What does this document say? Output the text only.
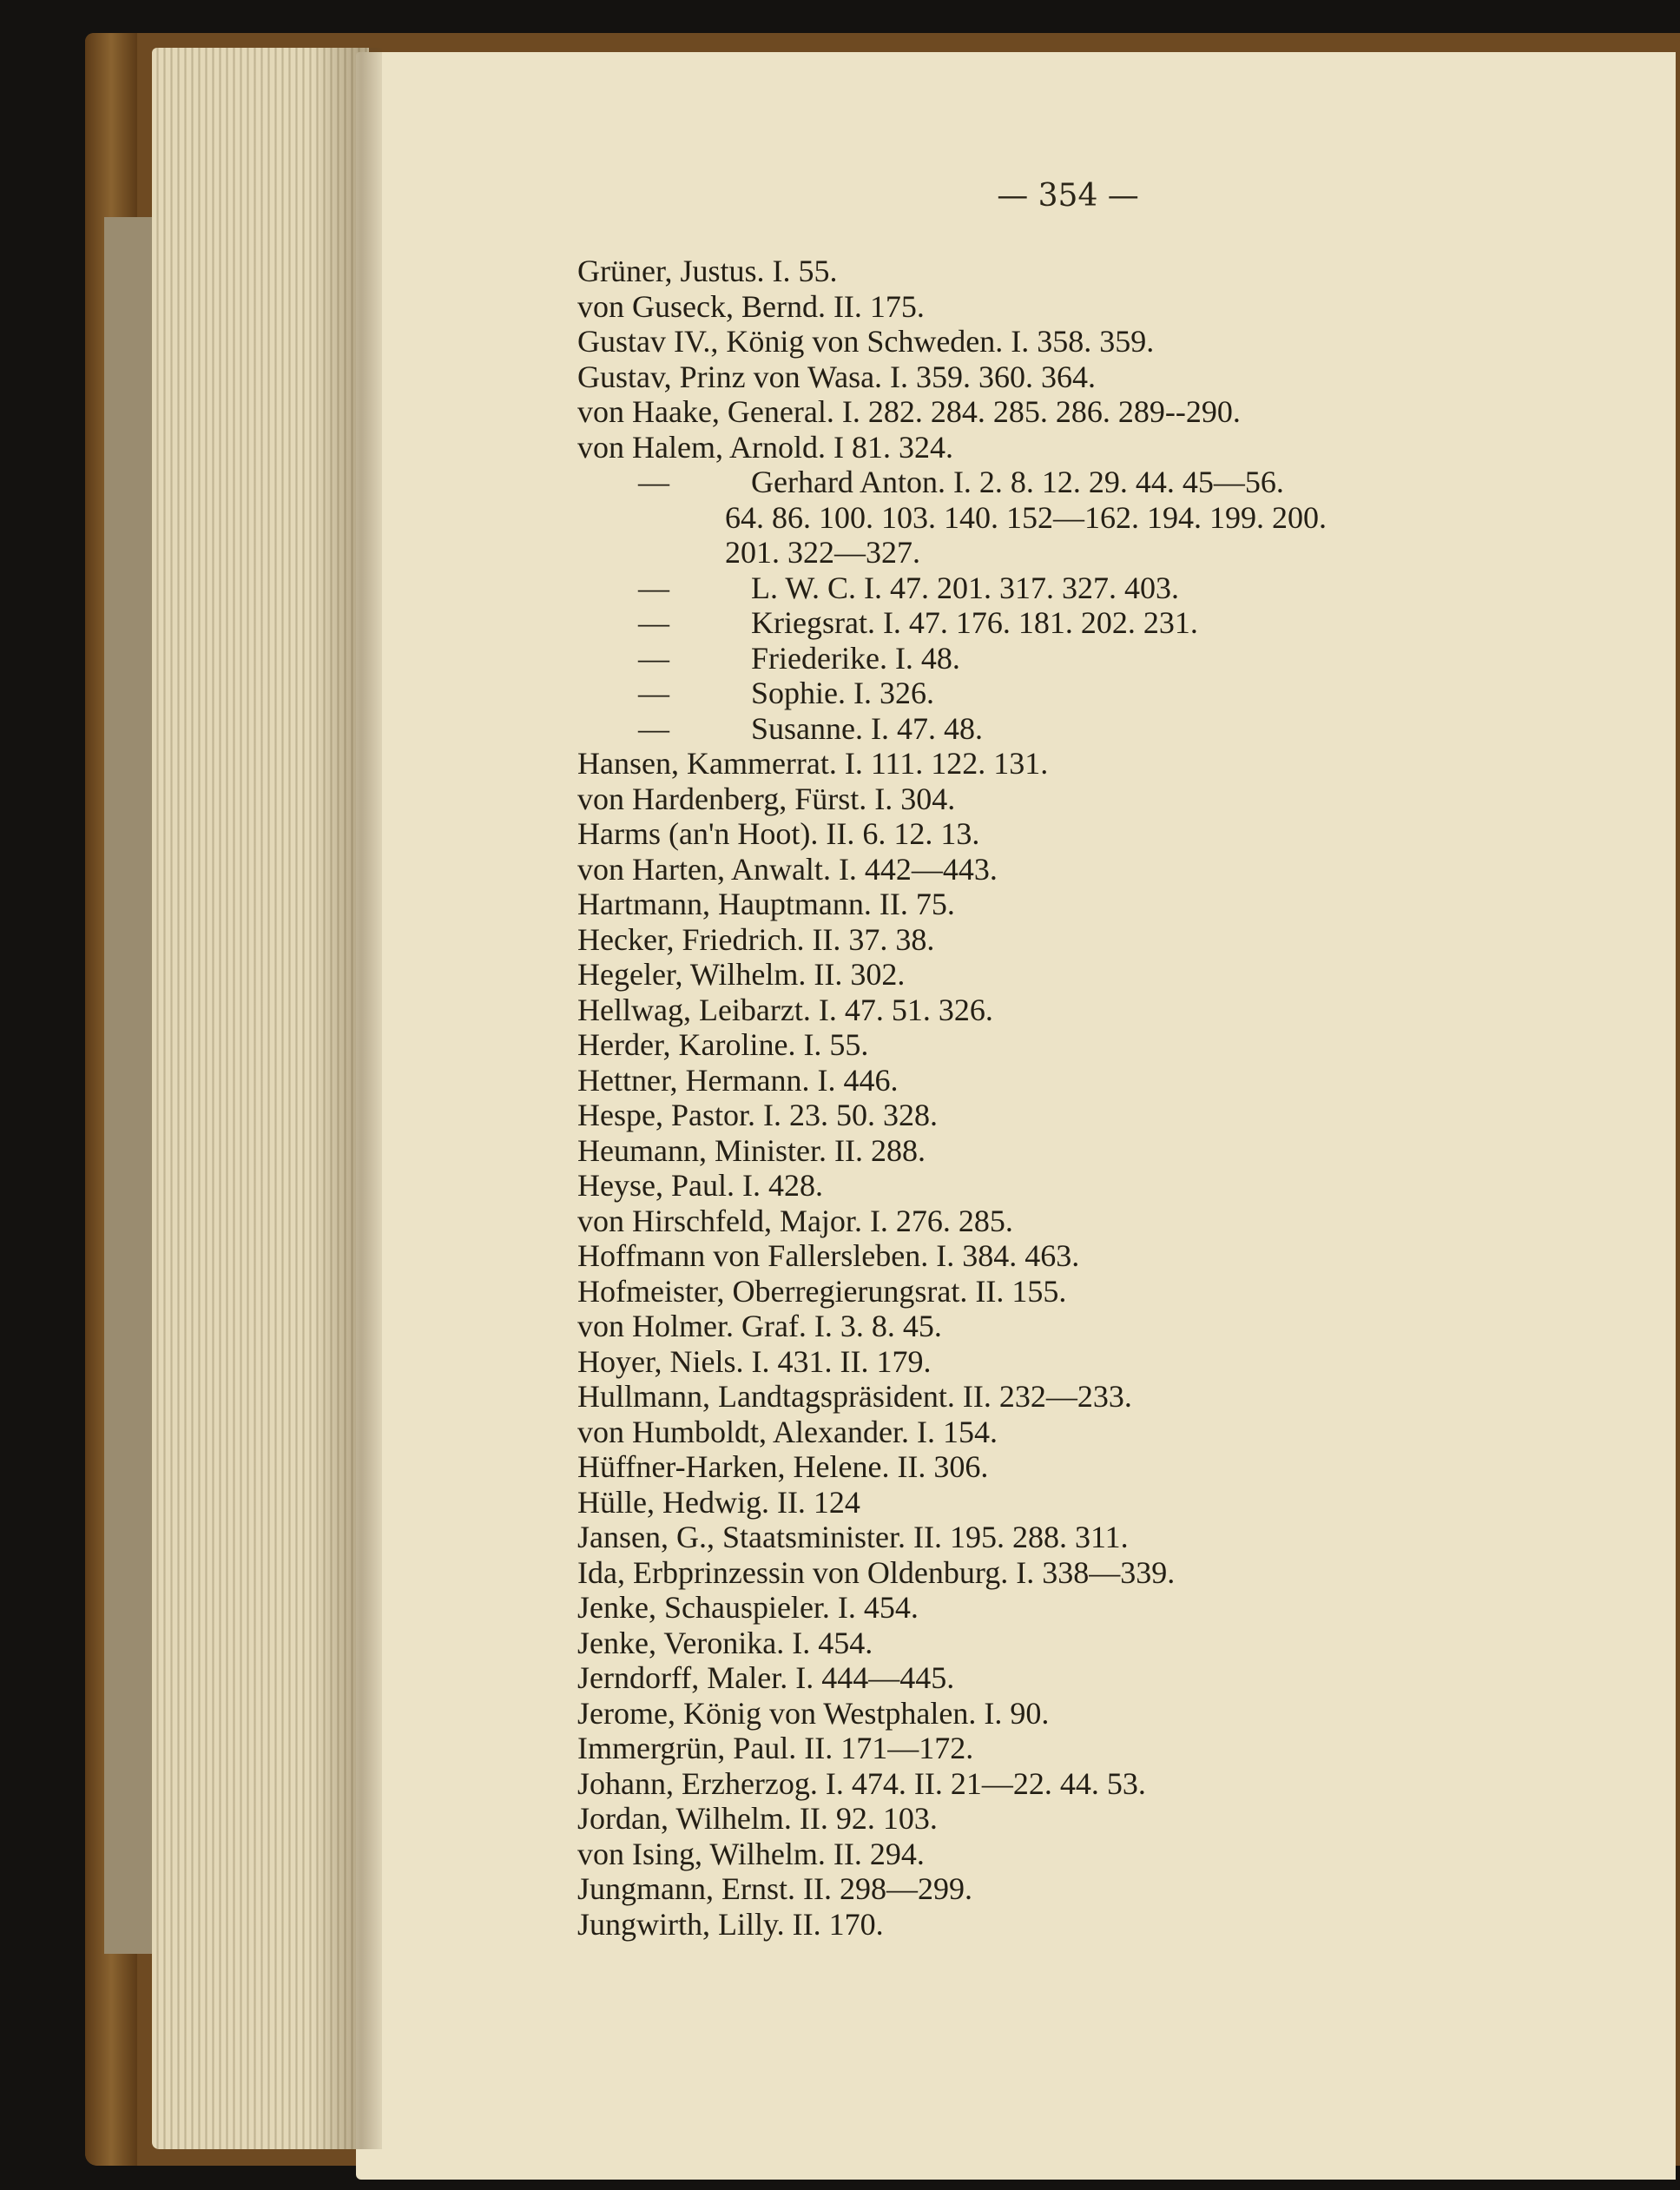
— 354 —
Grüner, Justus. I. 55.
von Guseck, Bernd. II. 175.
Gustav IV., König von Schweden. I. 358. 359.
Gustav, Prinz von Wasa. I. 359. 360. 364.
von Haake, General. I. 282. 284. 285. 286. 289--290.
von Halem, Arnold. I 81. 324.
—	Gerhard Anton. I. 2. 8. 12. 29. 44. 45—56.
64. 86. 100. 103. 140. 152—162. 194. 199. 200.
201. 322—327.
—	L. W. C. I. 47. 201. 317. 327. 403.
—	Kriegsrat. I. 47. 176. 181. 202. 231.
—	Friederike. I. 48.
—	Sophie. I. 326.
—	Susanne. I. 47. 48.
Hansen, Kammerrat. I. 111. 122. 131.
von Hardenberg, Fürst. I. 304.
Harms (an'n Hoot). II. 6. 12. 13.
von Harten, Anwalt. I. 442—443.
Hartmann, Hauptmann. II. 75.
Hecker, Friedrich. II. 37. 38.
Hegeler, Wilhelm. II. 302.
Hellwag, Leibarzt. I. 47. 51. 326.
Herder, Karoline. I. 55.
Hettner, Hermann. I. 446.
Hespe, Pastor. I. 23. 50. 328.
Heumann, Minister. II. 288.
Heyse, Paul. I. 428.
von Hirschfeld, Major. I. 276. 285.
Hoffmann von Fallersleben. I. 384. 463.
Hofmeister, Oberregierungsrat. II. 155.
von Holmer. Graf. I. 3. 8. 45.
Hoyer, Niels. I. 431. II. 179.
Hullmann, Landtagspräsident. II. 232—233.
von Humboldt, Alexander. I. 154.
Hüffner-Harken, Helene. II. 306.
Hülle, Hedwig. II. 124
Jansen, G., Staatsminister. II. 195. 288. 311.
Ida, Erbprinzessin von Oldenburg. I. 338—339.
Jenke, Schauspieler. I. 454.
Jenke, Veronika. I. 454.
Jerndorff, Maler. I. 444—445.
Jerome, König von Westphalen. I. 90.
Immergrün, Paul. II. 171—172.
Johann, Erzherzog. I. 474. II. 21—22. 44. 53.
Jordan, Wilhelm. II. 92. 103.
von Ising, Wilhelm. II. 294.
Jungmann, Ernst. II. 298—299.
Jungwirth, Lilly. II. 170.
